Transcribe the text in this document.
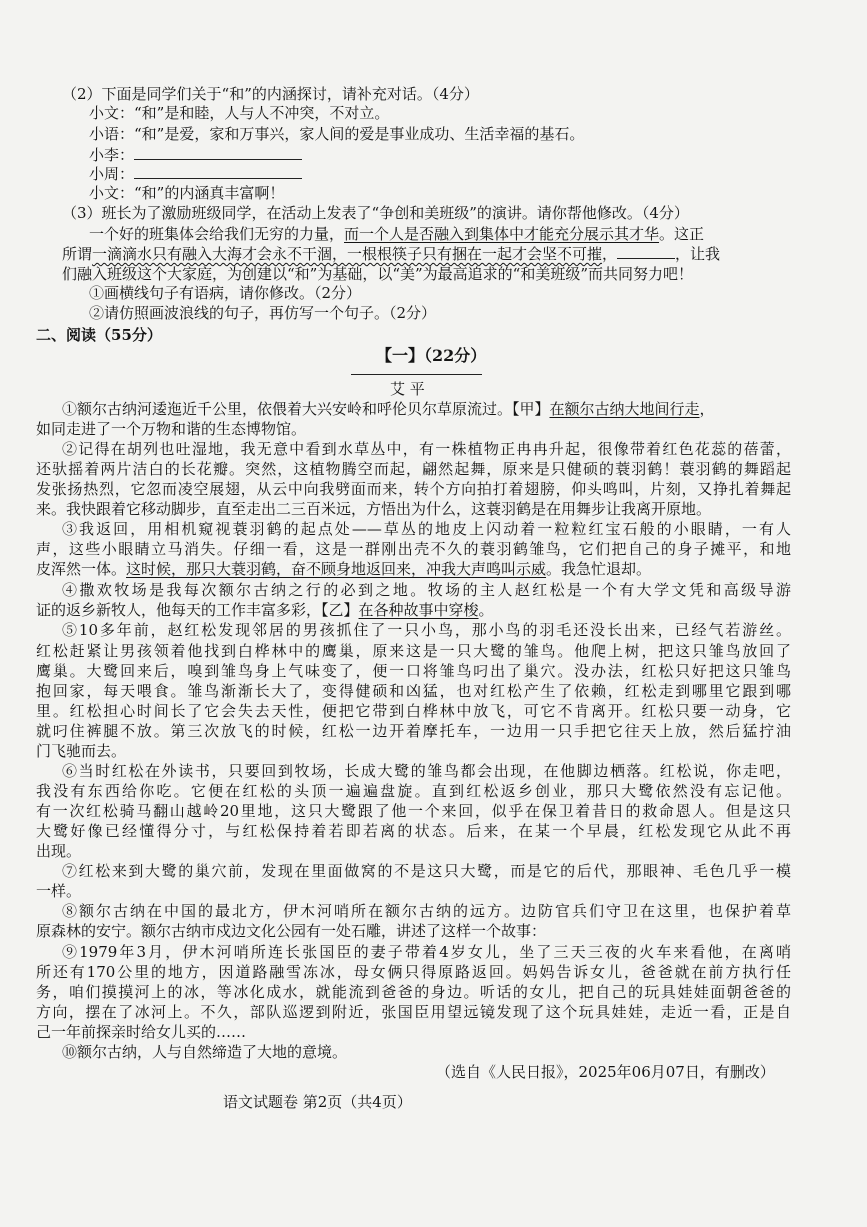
（2）下面是同学们关于“和”的内涵探讨，请补充对话。（4分）
小文：“和”是和睦，人与人不冲突，不对立。
小语：“和”是爱，家和万事兴，家人间的爱是事业成功、生活幸福的基石。
小李：
小周：
小文：“和”的内涵真丰富啊！
（3）班长为了激励班级同学，在活动上发表了“争创和美班级”的演讲。请你帮他修改。（4分）
一个好的班集体会给我们无穷的力量，而一个人是否融入到集体中才能充分展示其才华。这正
所谓一滴滴水只有融入大海才会永不干涸，一根根筷子只有捆在一起才会坚不可摧，	，让我
们融入班级这个大家庭，为创建以“和”为基础，以“美”为最高追求的“和美班级”而共同努力吧！
①画横线句子有语病，请你修改。（2分）
②请仿照画波浪线的句子，再仿写一个句子。（2分）
二、阅读（55分）
【一】（22分）
艾 平
①额尔古纳河逶迤近千公里，依偎着大兴安岭和呼伦贝尔草原流过。【甲】在额尔古纳大地间行走，
如同走进了一个万物和谐的生态博物馆。
②记得在胡列也吐湿地，我无意中看到水草丛中，有一株植物正冉冉升起，很像带着红色花蕊的蓓蕾，
还驮摇着两片洁白的长花瓣。突然，这植物腾空而起，翩然起舞，原来是只健硕的蓑羽鹤！蓑羽鹤的舞蹈起
发张扬热烈，它忽而凌空展翅，从云中向我劈面而来，转个方向拍打着翅膀，仰头鸣叫，片刻，又挣扎着舞起
来。我快跟着它移动脚步，直至走出二三百米远，方悟出为什么，这蓑羽鹤是在用舞步让我离开原地。
③我返回，用相机窥视蓑羽鹤的起点处——草丛的地皮上闪动着一粒粒红宝石般的小眼睛，一有人
声，这些小眼睛立马消失。仔细一看，这是一群刚出壳不久的蓑羽鹤雏鸟，它们把自己的身子摊平，和地
皮浑然一体。这时候，那只大蓑羽鹤，奋不顾身地返回来，冲我大声鸣叫示威。我急忙退却。
④撒欢牧场是我每次额尔古纳之行的必到之地。牧场的主人赵红松是一个有大学文凭和高级导游
证的返乡新牧人，他每天的工作丰富多彩，【乙】在各种故事中穿梭。
⑤10多年前，赵红松发现邻居的男孩抓住了一只小鸟，那小鸟的羽毛还没长出来，已经气若游丝。
红松赶紧让男孩领着他找到白桦林中的鹰巢，原来这是一只大鹭的雏鸟。他爬上树，把这只雏鸟放回了
鹰巢。大鹭回来后，嗅到雏鸟身上气味变了，便一口将雏鸟叼出了巢穴。没办法，红松只好把这只雏鸟
抱回家，每天喂食。雏鸟渐渐长大了，变得健硕和凶猛，也对红松产生了依赖，红松走到哪里它跟到哪
里。红松担心时间长了它会失去天性，便把它带到白桦林中放飞，可它不肯离开。红松只要一动身，它
就叼住裤腿不放。第三次放飞的时候，红松一边开着摩托车，一边用一只手把它往天上放，然后猛拧油
门飞驰而去。
⑥当时红松在外读书，只要回到牧场，长成大鹭的雏鸟都会出现，在他脚边栖落。红松说，你走吧，
我没有东西给你吃。它便在红松的头顶一遍遍盘旋。直到红松返乡创业，那只大鹭依然没有忘记他。
有一次红松骑马翻山越岭20里地，这只大鹭跟了他一个来回，似乎在保卫着昔日的救命恩人。但是这只
大鹭好像已经懂得分寸，与红松保持着若即若离的状态。后来，在某一个早晨，红松发现它从此不再
出现。
⑦红松来到大鹭的巢穴前，发现在里面做窝的不是这只大鹭，而是它的后代，那眼神、毛色几乎一模
一样。
⑧额尔古纳在中国的最北方，伊木河哨所在额尔古纳的远方。边防官兵们守卫在这里，也保护着草
原森林的安宁。额尔古纳市戍边文化公园有一处石雕，讲述了这样一个故事：
⑨1979年3月，伊木河哨所连长张国臣的妻子带着4岁女儿，坐了三天三夜的火车来看他，在离哨
所还有170公里的地方，因道路融雪冻冰，母女俩只得原路返回。妈妈告诉女儿，爸爸就在前方执行任
务，咱们摸摸河上的冰，等冰化成水，就能流到爸爸的身边。听话的女儿，把自己的玩具娃娃面朝爸爸的
方向，摆在了冰河上。不久，部队巡逻到附近，张国臣用望远镜发现了这个玩具娃娃，走近一看，正是自
己一年前探亲时给女儿买的……
⑩额尔古纳，人与自然缔造了大地的意境。
（选自《人民日报》，2025年06月07日，有删改）
语文试题卷 第2页（共4页）
